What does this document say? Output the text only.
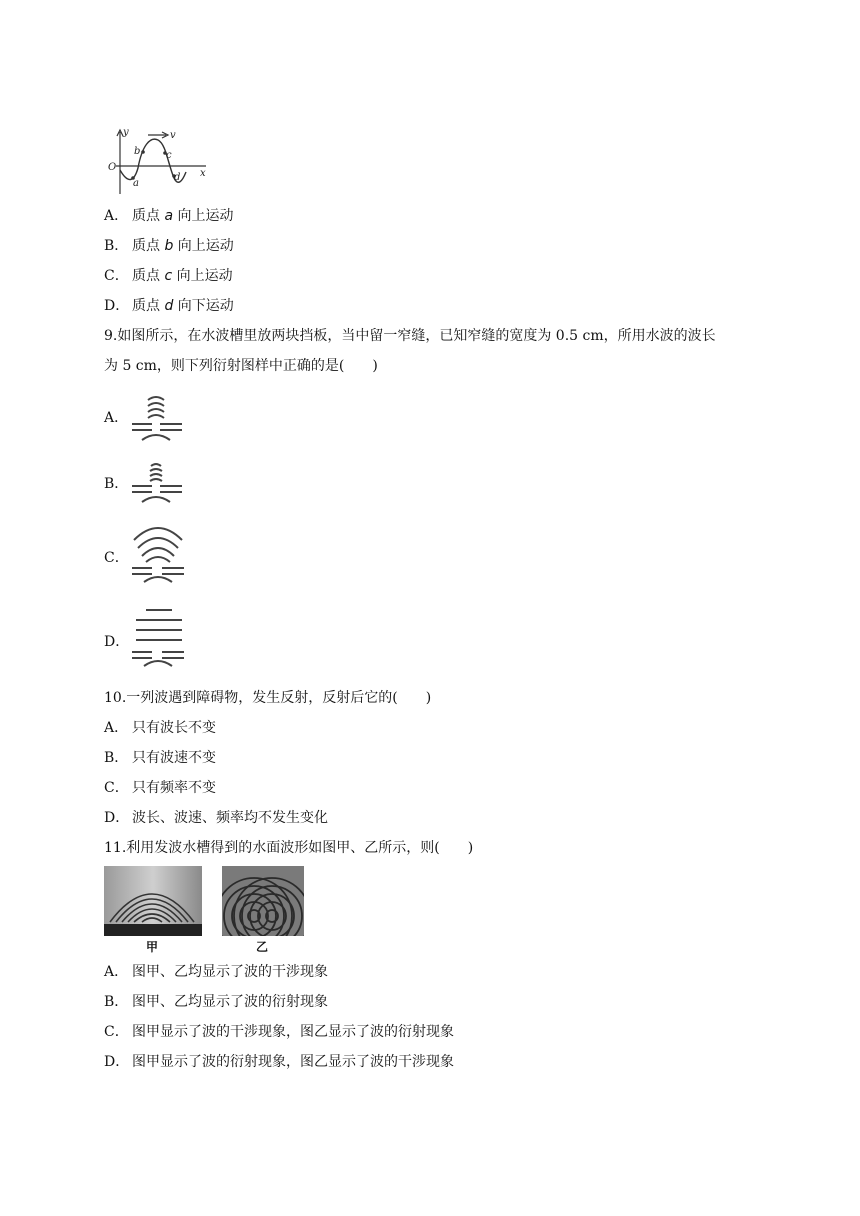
y
x
O
v
a
b	c
d
A． 质点 a 向上运动
B． 质点 b 向上运动
C． 质点 c 向上运动
D． 质点 d 向下运动
9.如图所示，在水波槽里放两块挡板，当中留一窄缝，已知窄缝的宽度为 0.5 cm，所用水波的波长
为 5 cm，则下列衍射图样中正确的是(　　)
A．
B．
C．
D．
10.一列波遇到障碍物，发生反射，反射后它的(　　)
A． 只有波长不变
B． 只有波速不变
C． 只有频率不变
D． 波长、波速、频率均不发生变化
11.利用发波水槽得到的水面波形如图甲、乙所示，则(　　)
甲	乙
A． 图甲、乙均显示了波的干涉现象
B． 图甲、乙均显示了波的衍射现象
C． 图甲显示了波的干涉现象，图乙显示了波的衍射现象
D． 图甲显示了波的衍射现象，图乙显示了波的干涉现象
